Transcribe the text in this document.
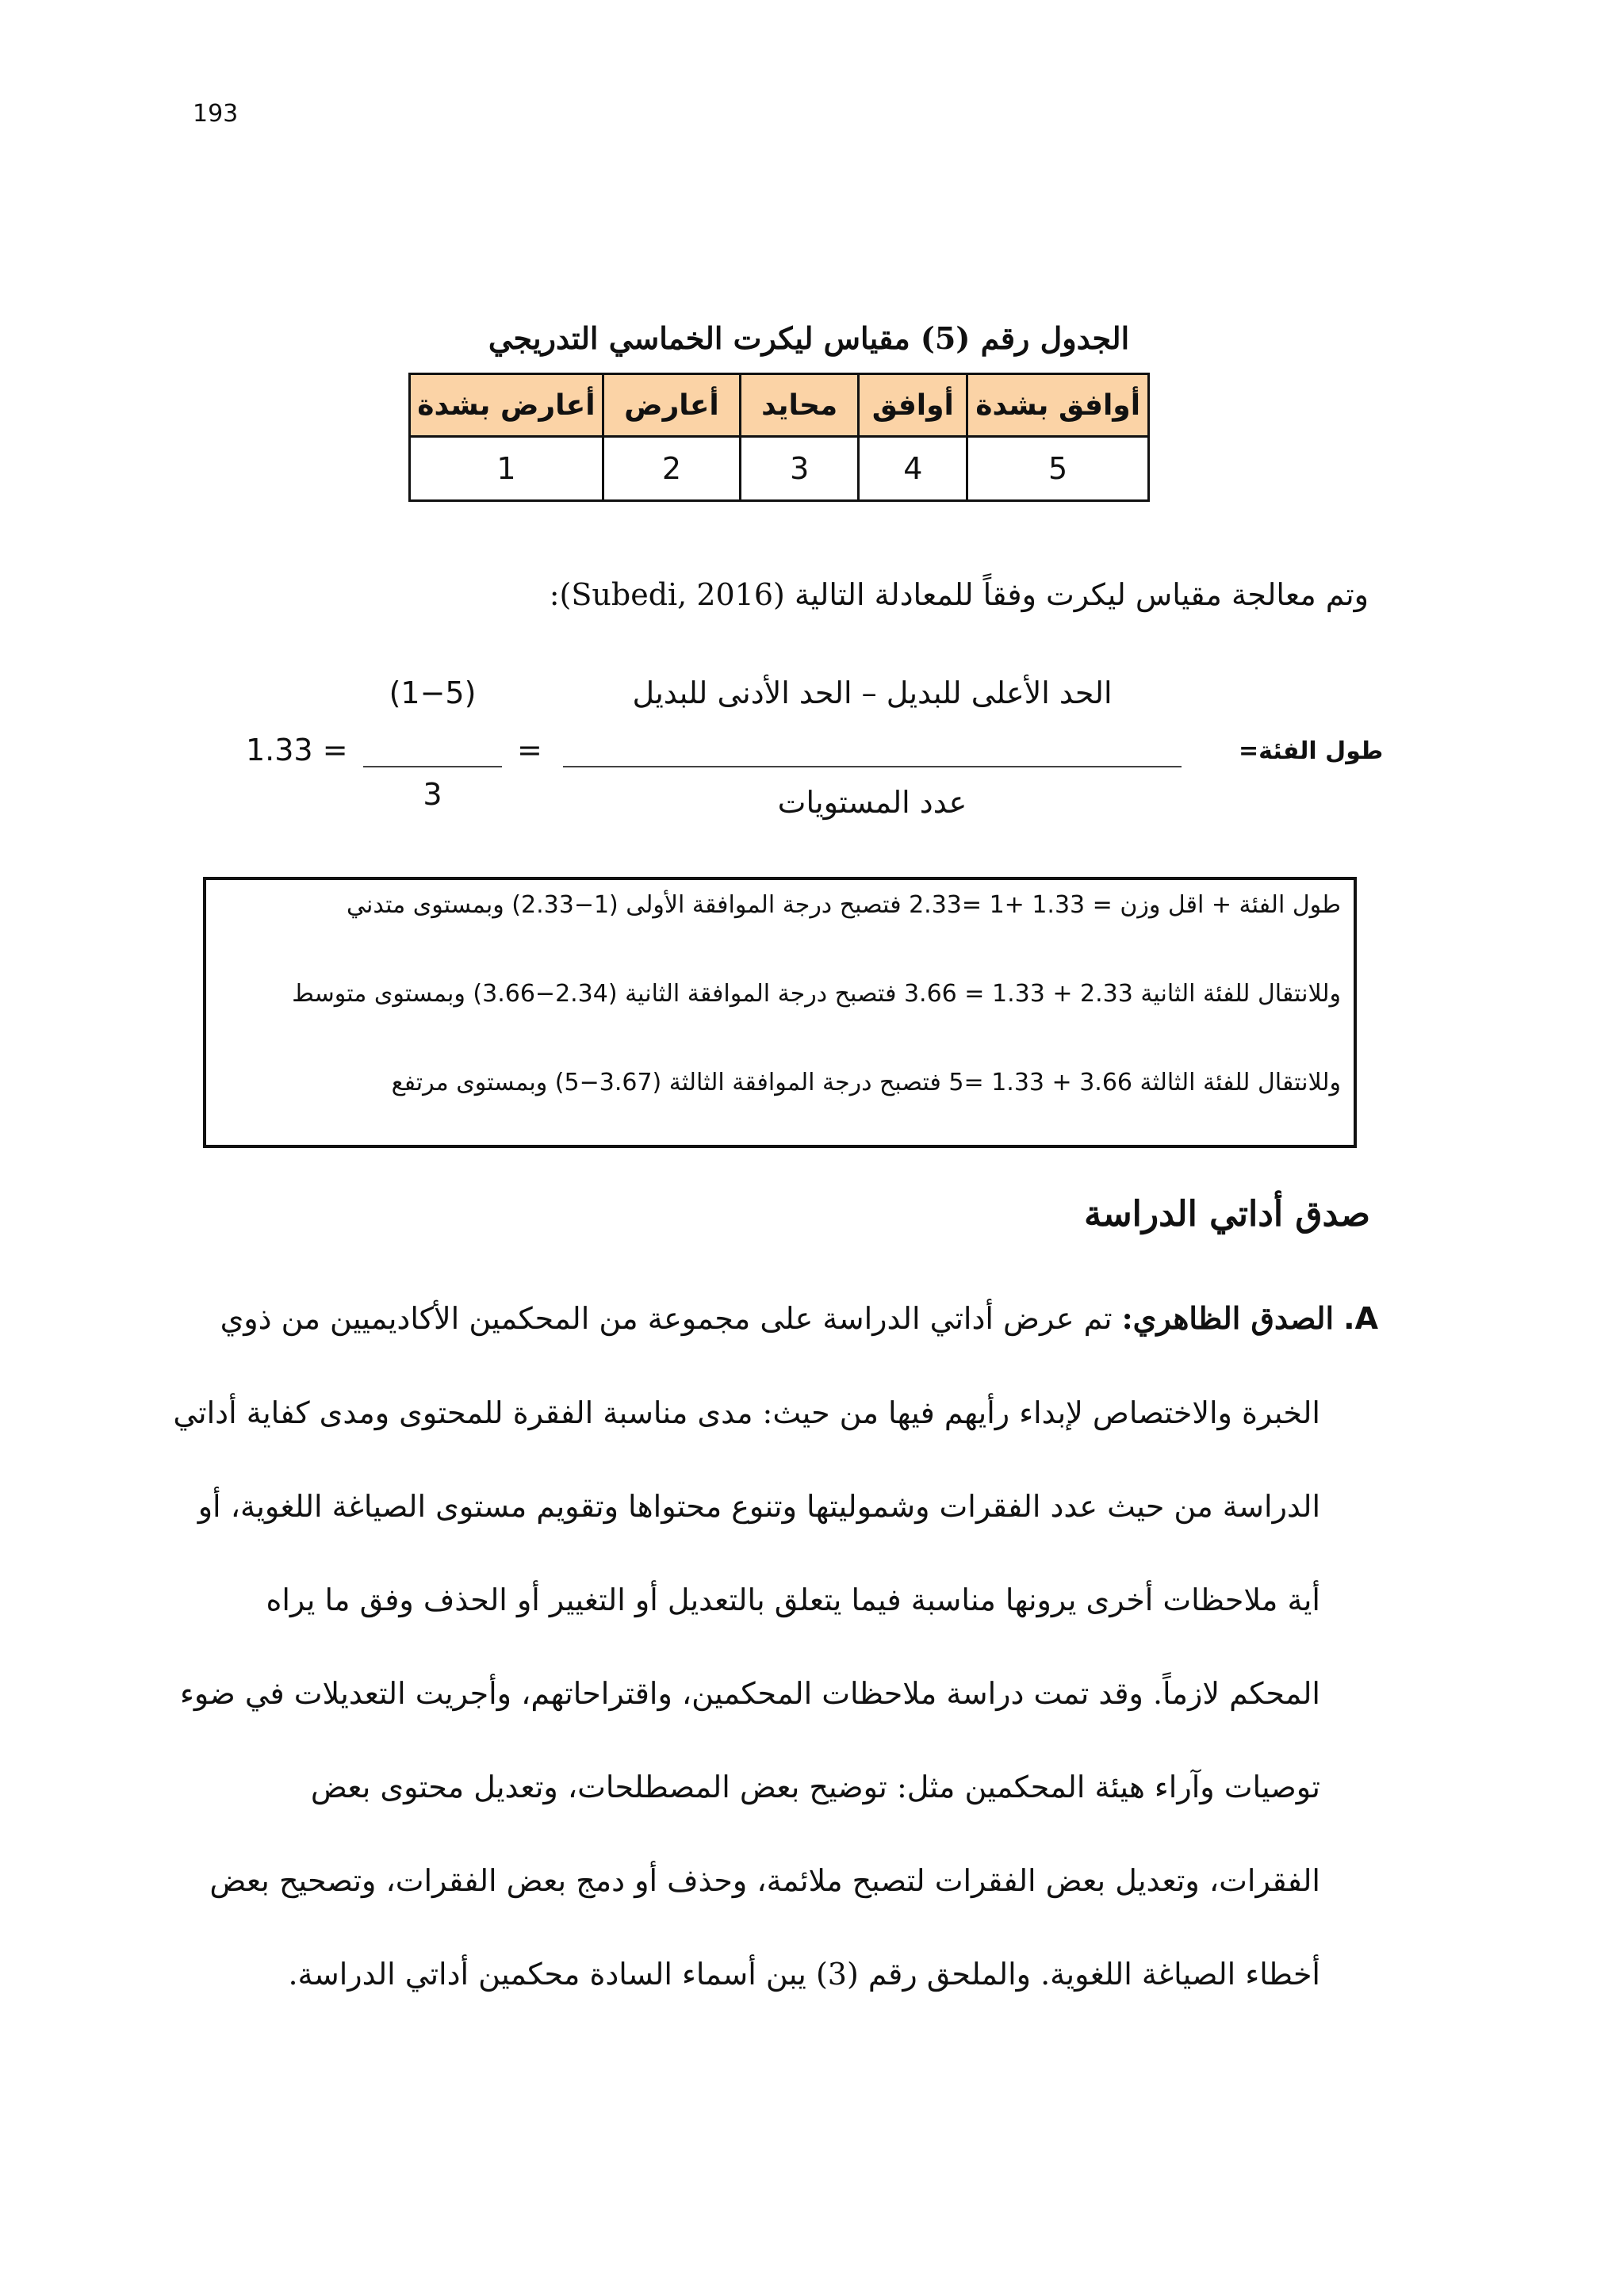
193
الجدول رقم (5) مقياس ليكرت الخماسي التدريجي
أوافق بشدة	أوافق	محايد	أعارض	أعارض بشدة
5	4	3	2	1
وتم معالجة مقياس ليكرت وفقاً للمعادلة التالية (Subedi, 2016):
طول الفئة=
الحد الأعلى للبديل – الحد الأدنى للبديل
عدد المستويات
=
(1−5)
3
1.33 =
طول الفئة + اقل وزن = 1.33 +1 =2.33 فتصبح درجة الموافقة الأولى (1−2.33) وبمستوى متدني
وللانتقال للفئة الثانية 2.33 + 1.33 = 3.66 فتصبح درجة الموافقة الثانية (2.34−3.66) وبمستوى متوسط
وللانتقال للفئة الثالثة 3.66 + 1.33 =5 فتصبح درجة الموافقة الثالثة (3.67−5) وبمستوى مرتفع
صدق أداتي الدراسة
A. الصدق الظاهري: تم عرض أداتي الدراسة على مجموعة من المحكمين الأكاديميين من ذوي
الخبرة والاختصاص لإبداء رأيهم فيها من حيث: مدى مناسبة الفقرة للمحتوى ومدى كفاية أداتي
الدراسة من حيث عدد الفقرات وشموليتها وتنوع محتواها وتقويم مستوى الصياغة اللغوية، أو
أية ملاحظات أخرى يرونها مناسبة فيما يتعلق بالتعديل أو التغيير أو الحذف وفق ما يراه
المحكم لازماً. وقد تمت دراسة ملاحظات المحكمين، واقتراحاتهم، وأجريت التعديلات في ضوء
توصيات وآراء هيئة المحكمين مثل: توضيح بعض المصطلحات، وتعديل محتوى بعض
الفقرات، وتعديل بعض الفقرات لتصبح ملائمة، وحذف أو دمج بعض الفقرات، وتصحيح بعض
أخطاء الصياغة اللغوية. والملحق رقم (3) يبن أسماء السادة محكمين أداتي الدراسة.
